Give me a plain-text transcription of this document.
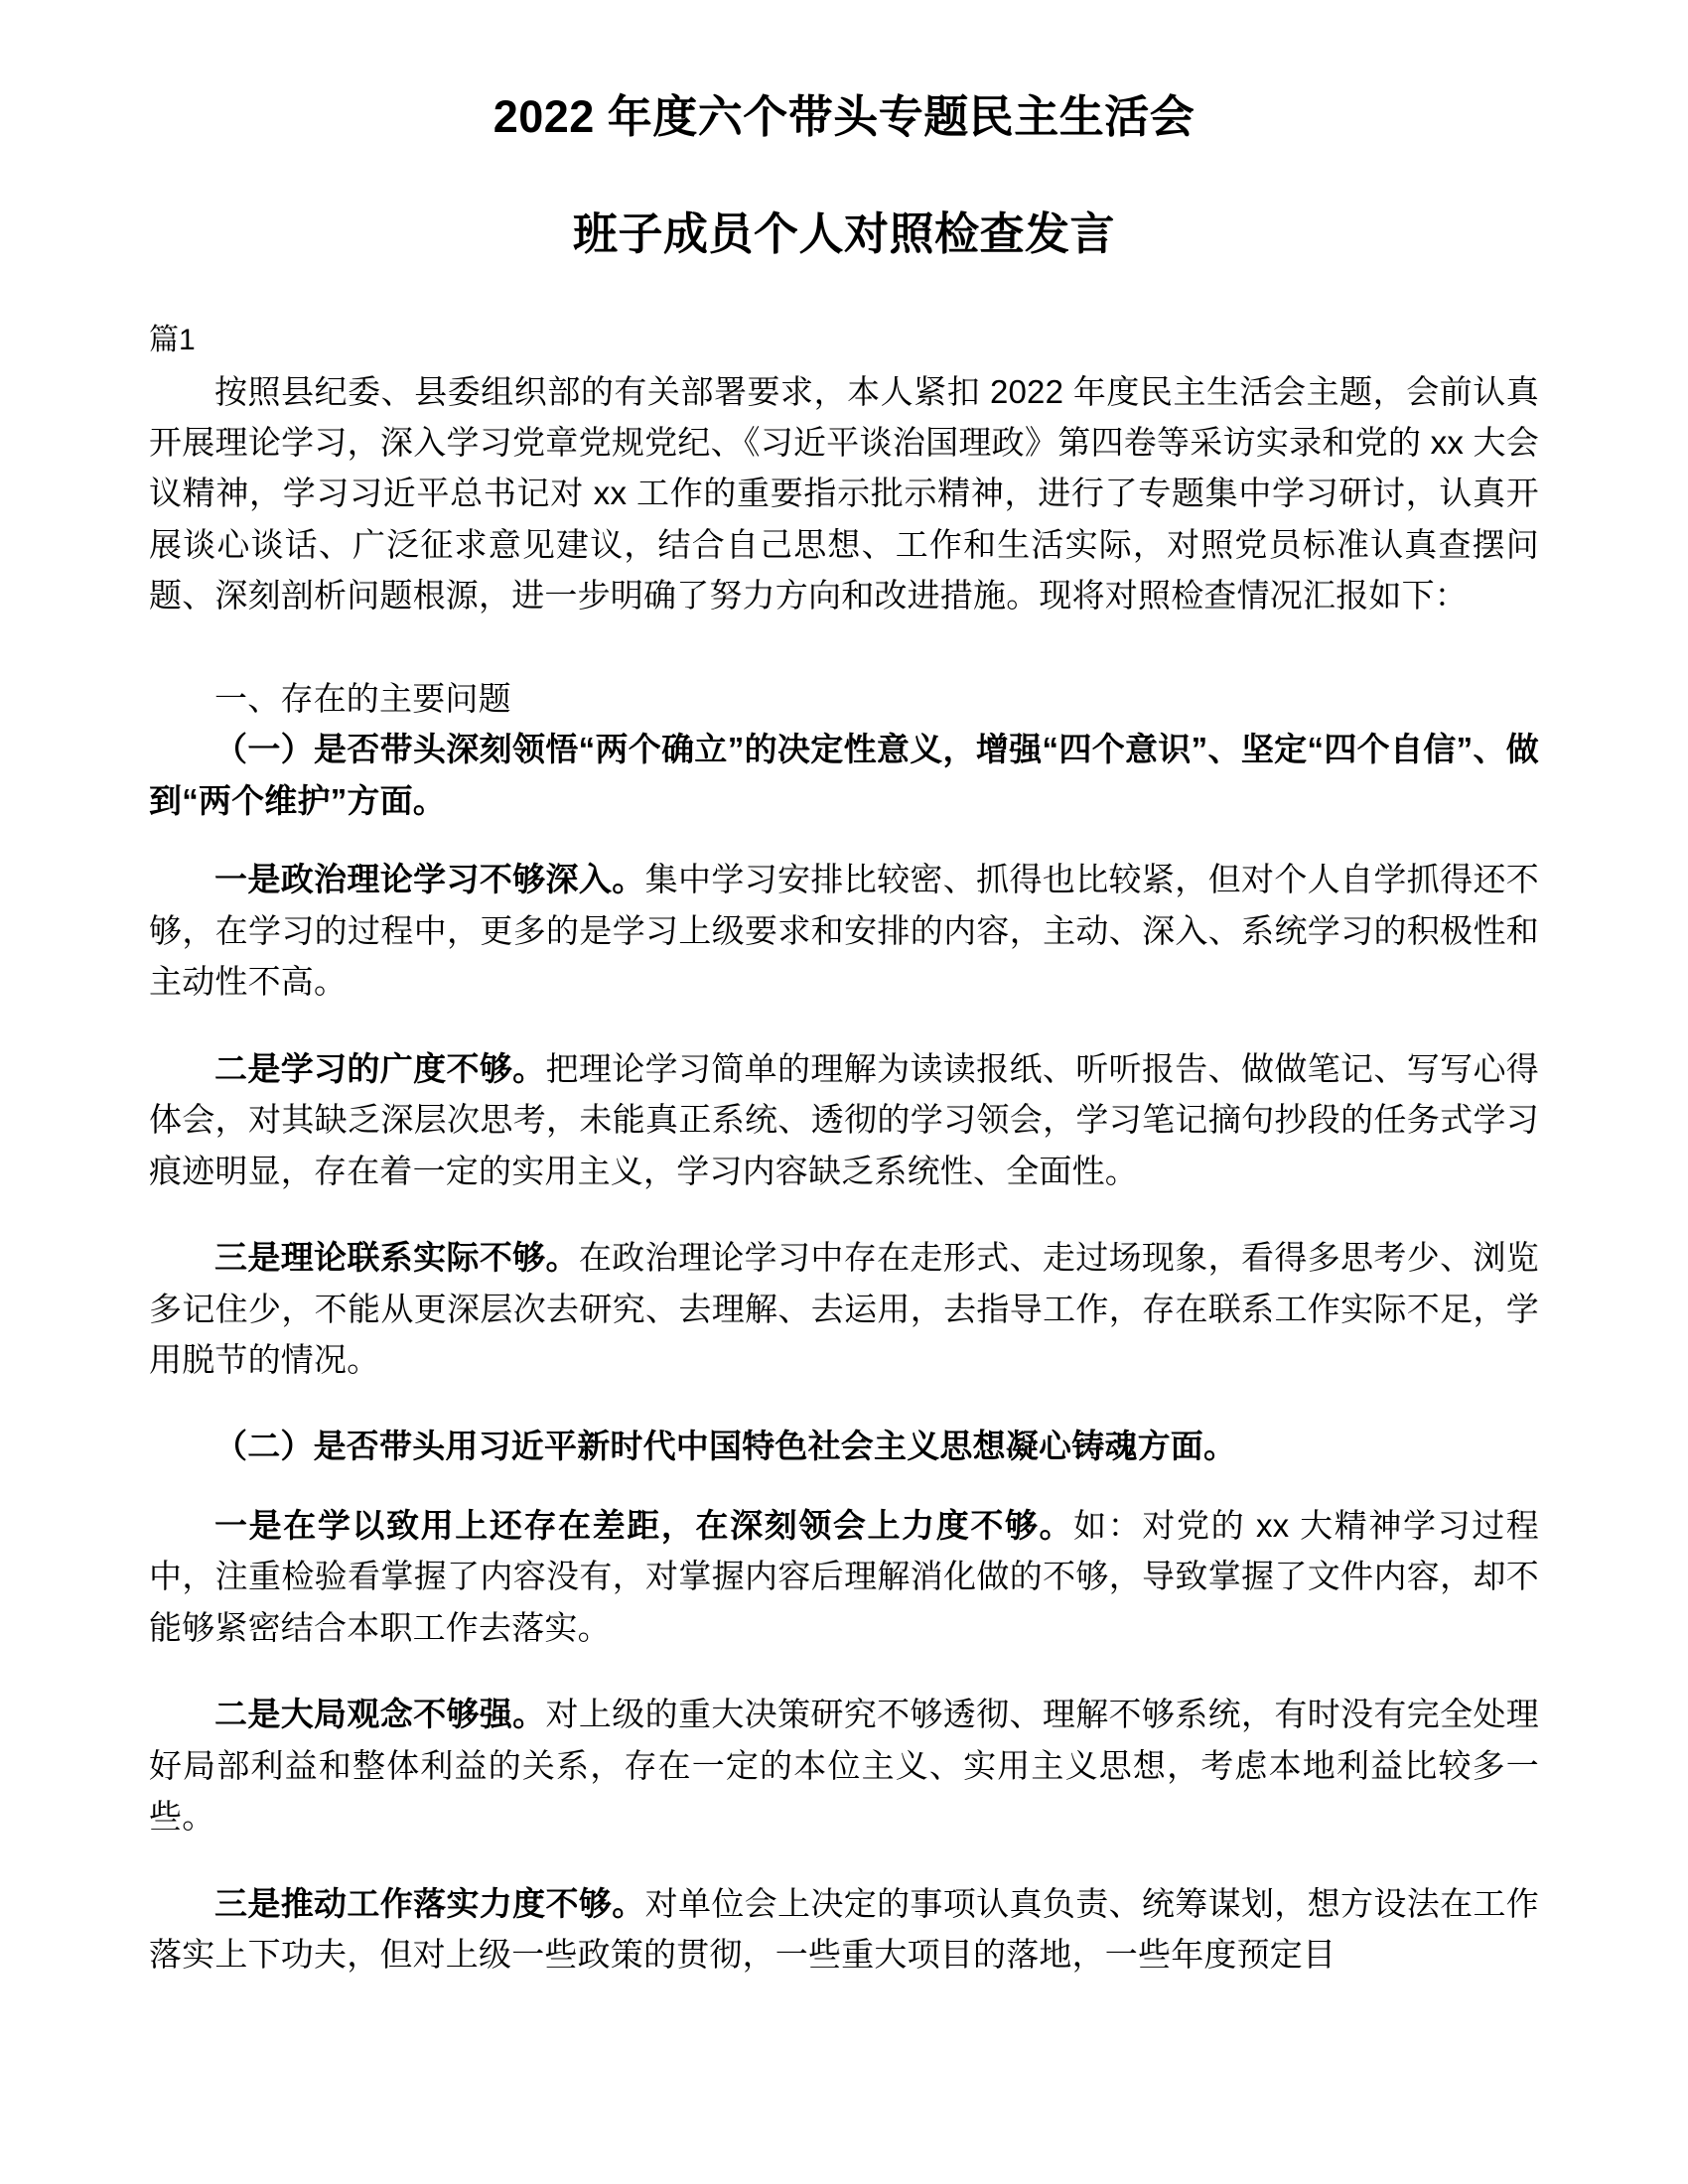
2022 年度六个带头专题民主生活会
班子成员个人对照检查发言
篇1

按照县纪委、县委组织部的有关部署要求，本人紧扣 2022 年度民主生活会主题，会前认真开展理论学习，深入学习党章党规党纪、《习近平谈治国理政》第四卷等采访实录和党的 xx 大会议精神，学习习近平总书记对 xx 工作的重要指示批示精神，进行了专题集中学习研讨，认真开展谈心谈话、广泛征求意见建议，结合自己思想、工作和生活实际，对照党员标准认真查摆问题、深刻剖析问题根源，进一步明确了努力方向和改进措施。现将对照检查情况汇报如下：

一、存在的主要问题

（一）是否带头深刻领悟“两个确立”的决定性意义，增强“四个意识”、坚定“四个自信”、做到“两个维护”方面。

一是政治理论学习不够深入。集中学习安排比较密、抓得也比较紧，但对个人自学抓得还不够，在学习的过程中，更多的是学习上级要求和安排的内容，主动、深入、系统学习的积极性和主动性不高。

二是学习的广度不够。把理论学习简单的理解为读读报纸、听听报告、做做笔记、写写心得体会，对其缺乏深层次思考，未能真正系统、透彻的学习领会，学习笔记摘句抄段的任务式学习痕迹明显，存在着一定的实用主义，学习内容缺乏系统性、全面性。

三是理论联系实际不够。在政治理论学习中存在走形式、走过场现象，看得多思考少、浏览多记住少，不能从更深层次去研究、去理解、去运用，去指导工作，存在联系工作实际不足，学用脱节的情况。

（二）是否带头用习近平新时代中国特色社会主义思想凝心铸魂方面。

一是在学以致用上还存在差距，在深刻领会上力度不够。如：对党的 xx 大精神学习过程中，注重检验看掌握了内容没有，对掌握内容后理解消化做的不够，导致掌握了文件内容，却不能够紧密结合本职工作去落实。

二是大局观念不够强。对上级的重大决策研究不够透彻、理解不够系统，有时没有完全处理好局部利益和整体利益的关系，存在一定的本位主义、实用主义思想，考虑本地利益比较多一些。

三是推动工作落实力度不够。对单位会上决定的事项认真负责、统筹谋划，想方设法在工作落实上下功夫，但对上级一些政策的贯彻，一些重大项目的落地，一些年度预定目
